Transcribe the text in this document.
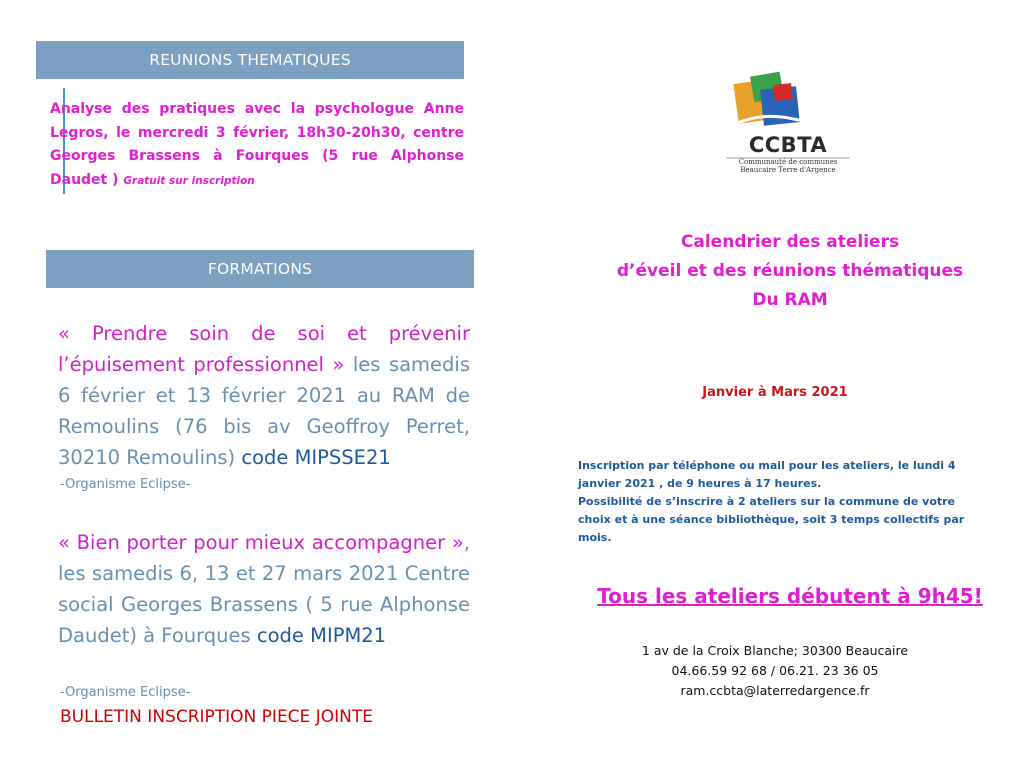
REUNIONS THEMATIQUES
Analyse des pratiques avec la psychologue Anne Legros, le mercredi 3 février, 18h30-20h30, centre Georges Brassens à Fourques (5 rue Alphonse Daudet ) Gratuit sur inscription
FORMATIONS
« Prendre soin de soi et prévenir l’épuisement professionnel » les samedis 6 février et 13 février 2021 au RAM de Remoulins (76 bis av Geoffroy Perret, 30210 Remoulins) code MIPSSE21
-Organisme Eclipse-
« Bien porter pour mieux accompagner », les samedis 6, 13 et 27 mars 2021 Centre social Georges Brassens ( 5 rue Alphonse Daudet) à Fourques code MIPM21
-Organisme Eclipse-
BULLETIN INSCRIPTION PIECE JOINTE
CCBTA
Communauté de communes
Beaucaire Terre d'Argence
Calendrier des ateliers
d’éveil et des réunions thématiques
Du RAM
Janvier à Mars 2021
Inscription par téléphone ou mail pour les ateliers, le lundi 4 janvier 2021 , de 9 heures à 17 heures.
Possibilité de s’inscrire à 2 ateliers sur la commune de votre choix et à une séance bibliothèque, soit 3 temps collectifs par mois.
Tous les ateliers débutent à 9h45!
1 av de la Croix Blanche; 30300 Beaucaire
04.66.59 92 68 / 06.21. 23 36 05
ram.ccbta@laterredargence.fr
